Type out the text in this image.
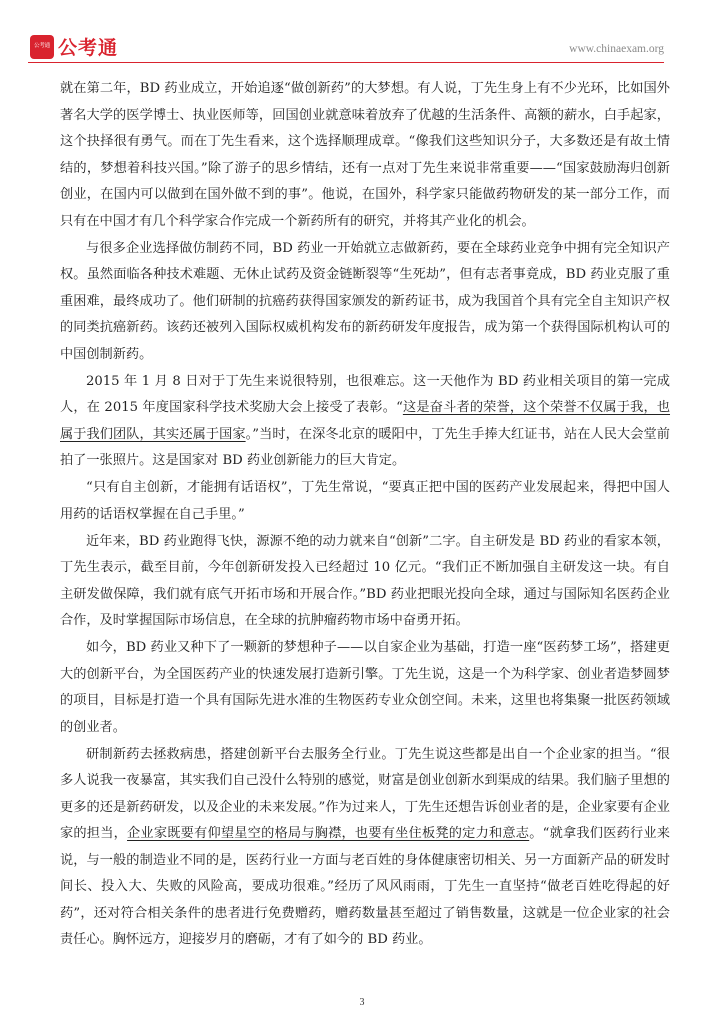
公考通 公考通	www.chinaexam.org

就在第二年，BD 药业成立，开始追逐“做创新药”的大梦想。有人说，丁先生身上有不少光环，比如国外著名大学的医学博士、执业医师等，回国创业就意味着放弃了优越的生活条件、高额的薪水，白手起家，这个抉择很有勇气。而在丁先生看来，这个选择顺理成章。“像我们这些知识分子，大多数还是有故土情结的，梦想着科技兴国。”除了游子的思乡情结，还有一点对丁先生来说非常重要——“国家鼓励海归创新创业，在国内可以做到在国外做不到的事”。他说，在国外，科学家只能做药物研发的某一部分工作，而只有在中国才有几个科学家合作完成一个新药所有的研究，并将其产业化的机会。

与很多企业选择做仿制药不同，BD 药业一开始就立志做新药，要在全球药业竞争中拥有完全知识产权。虽然面临各种技术难题、无休止试药及资金链断裂等“生死劫”，但有志者事竟成，BD 药业克服了重重困难，最终成功了。他们研制的抗癌药获得国家颁发的新药证书，成为我国首个具有完全自主知识产权的同类抗癌新药。该药还被列入国际权威机构发布的新药研发年度报告，成为第一个获得国际机构认可的中国创制新药。

2015 年 1 月 8 日对于丁先生来说很特别，也很难忘。这一天他作为 BD 药业相关项目的第一完成人，在 2015 年度国家科学技术奖励大会上接受了表彰。“这是奋斗者的荣誉，这个荣誉不仅属于我，也属于我们团队，其实还属于国家。”当时，在深冬北京的暖阳中，丁先生手捧大红证书，站在人民大会堂前拍了一张照片。这是国家对 BD 药业创新能力的巨大肯定。

“只有自主创新，才能拥有话语权”，丁先生常说，“要真正把中国的医药产业发展起来，得把中国人用药的话语权掌握在自己手里。”

近年来，BD 药业跑得飞快，源源不绝的动力就来自“创新”二字。自主研发是 BD 药业的看家本领，丁先生表示，截至目前，今年创新研发投入已经超过 10 亿元。“我们正不断加强自主研发这一块。有自主研发做保障，我们就有底气开拓市场和开展合作。”BD 药业把眼光投向全球，通过与国际知名医药企业合作，及时掌握国际市场信息，在全球的抗肿瘤药物市场中奋勇开拓。

如今，BD 药业又种下了一颗新的梦想种子——以自家企业为基础，打造一座“医药梦工场”，搭建更大的创新平台，为全国医药产业的快速发展打造新引擎。丁先生说，这是一个为科学家、创业者造梦圆梦的项目，目标是打造一个具有国际先进水准的生物医药专业众创空间。未来，这里也将集聚一批医药领域的创业者。

研制新药去拯救病患，搭建创新平台去服务全行业。丁先生说这些都是出自一个企业家的担当。“很多人说我一夜暴富，其实我们自己没什么特别的感觉，财富是创业创新水到渠成的结果。我们脑子里想的更多的还是新药研发，以及企业的未来发展。”作为过来人，丁先生还想告诉创业者的是，企业家要有企业家的担当，企业家既要有仰望星空的格局与胸襟，也要有坐住板凳的定力和意志。“就拿我们医药行业来说，与一般的制造业不同的是，医药行业一方面与老百姓的身体健康密切相关、另一方面新产品的研发时间长、投入大、失败的风险高，要成功很难。”经历了风风雨雨，丁先生一直坚持“做老百姓吃得起的好药”，还对符合相关条件的患者进行免费赠药，赠药数量甚至超过了销售数量，这就是一位企业家的社会责任心。胸怀远方，迎接岁月的磨砺，才有了如今的 BD 药业。

3
